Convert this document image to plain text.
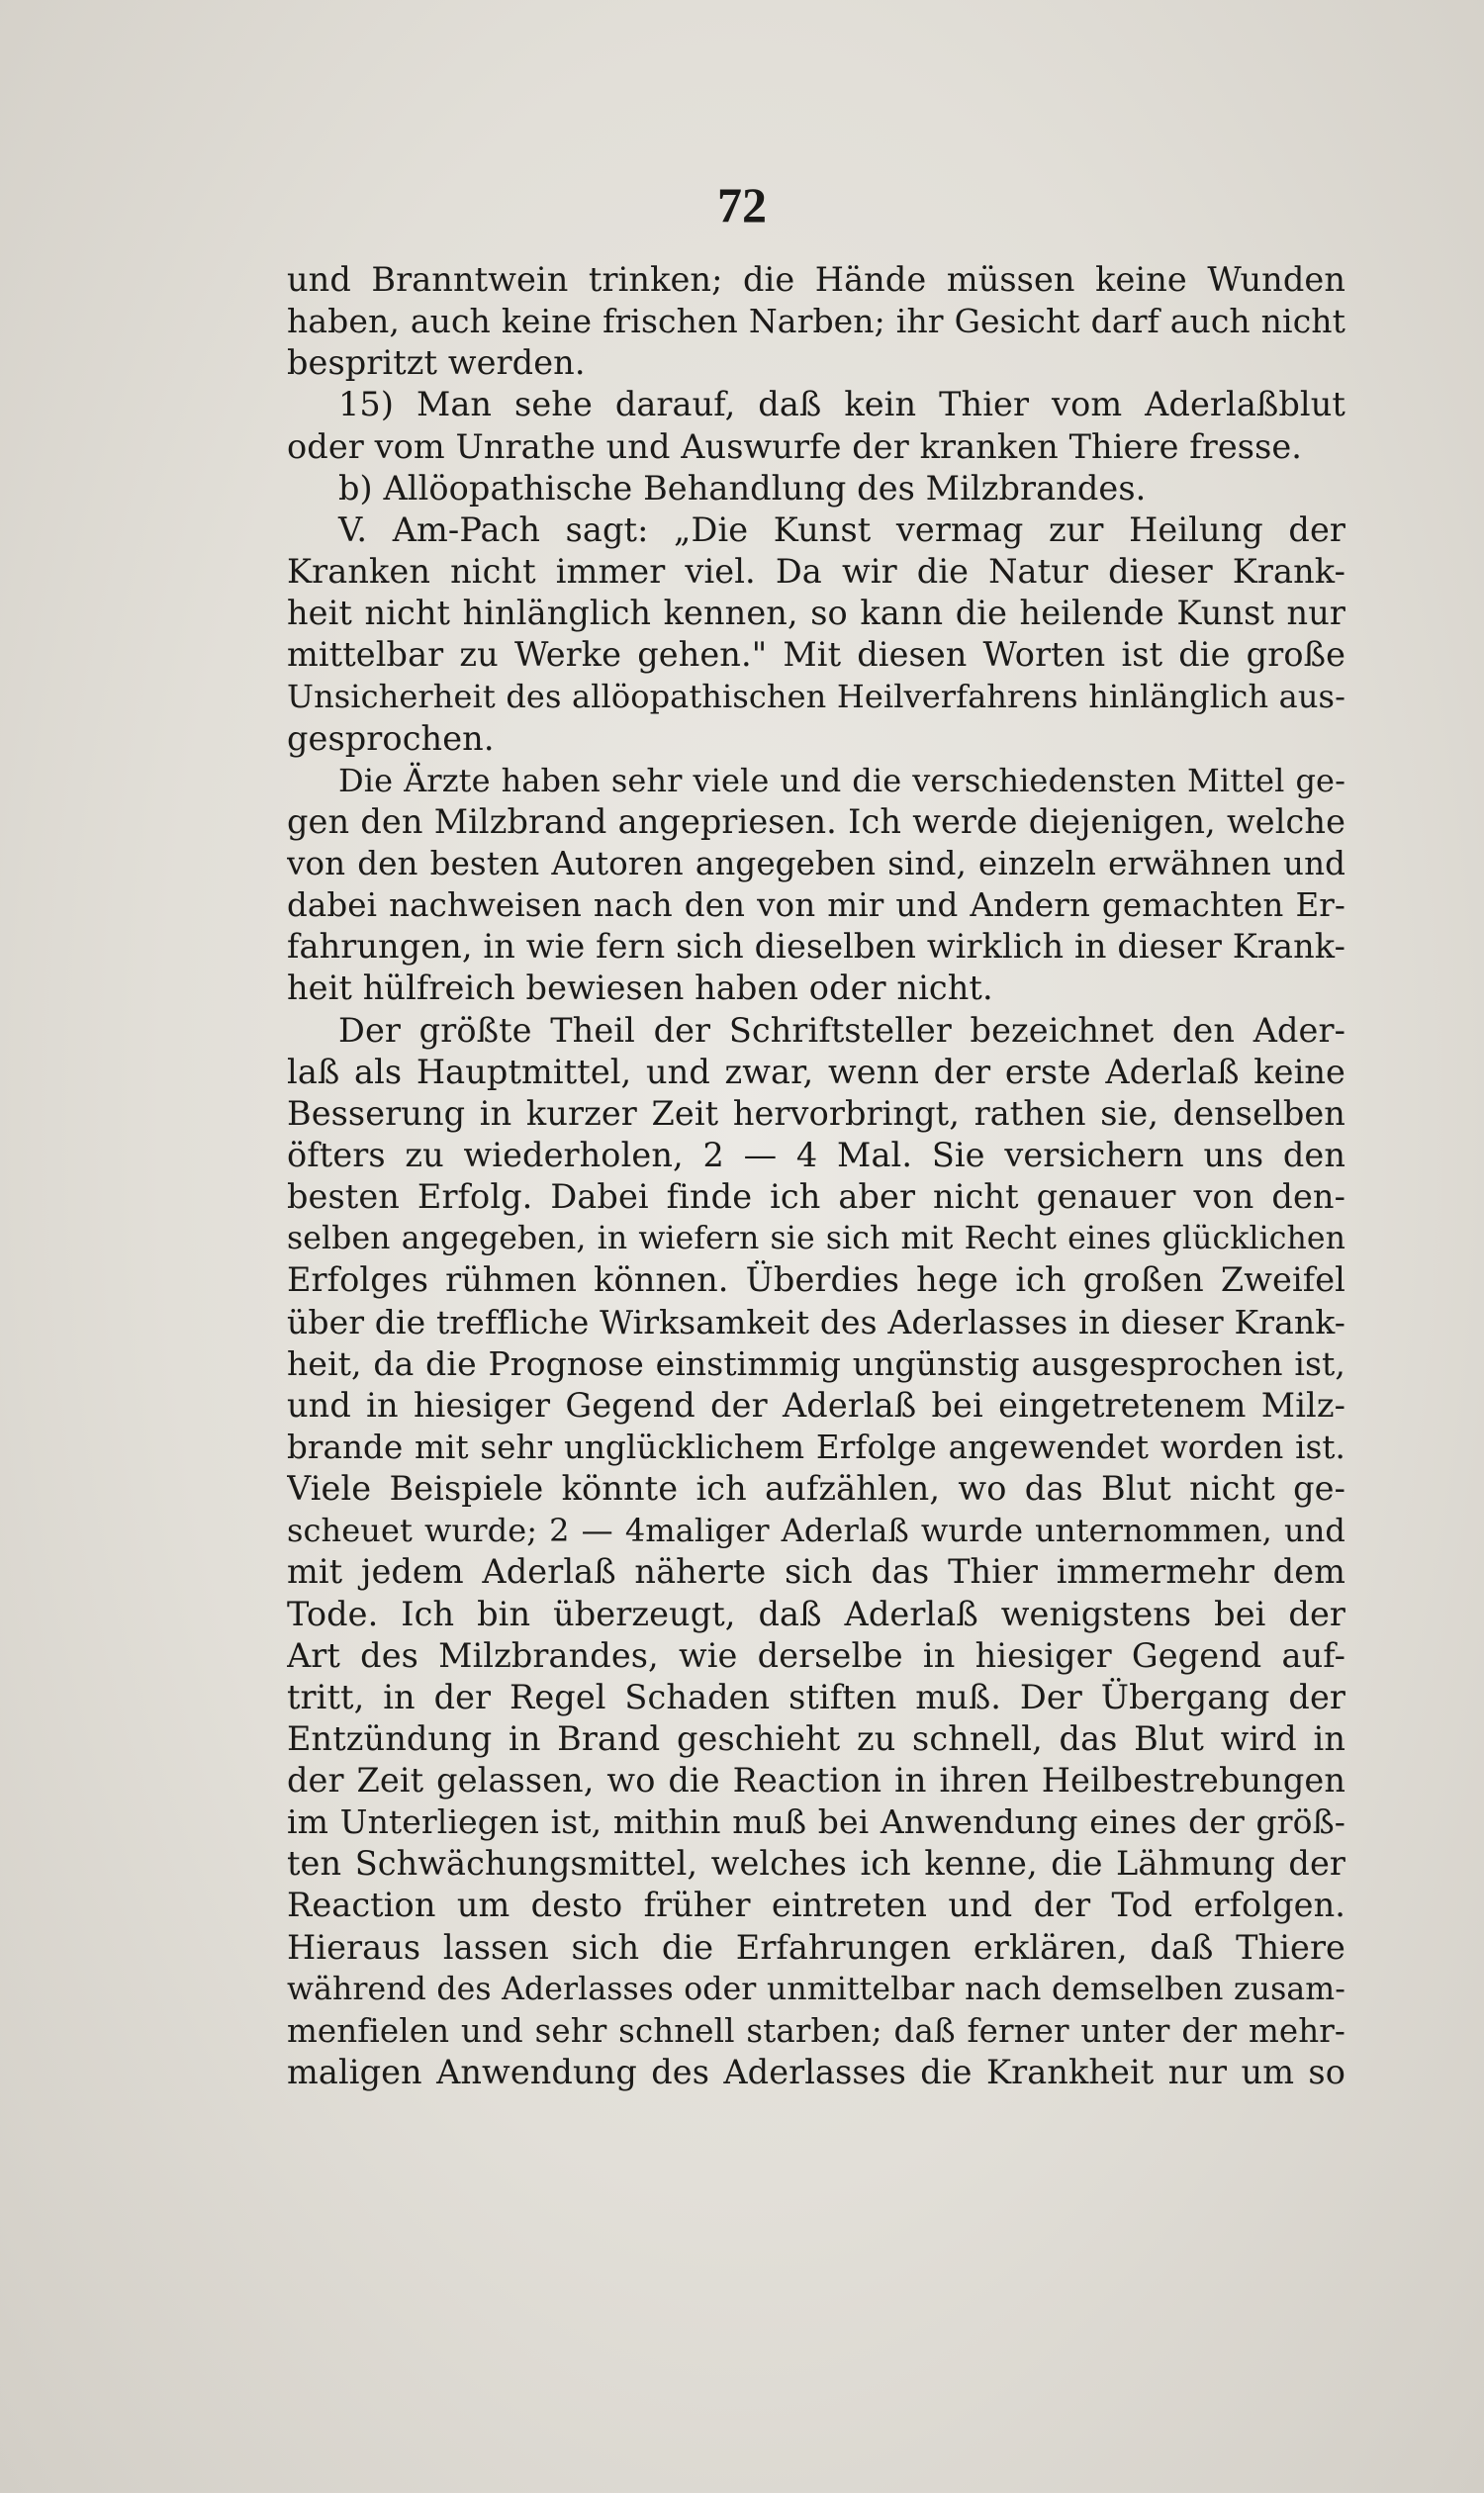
72
und Branntwein trinken; die Hände müssen keine Wunden
haben, auch keine frischen Narben; ihr Gesicht darf auch nicht
bespritzt werden.
15) Man sehe darauf, daß kein Thier vom Aderlaßblut
oder vom Unrathe und Auswurfe der kranken Thiere fresse.
b) Allöopathische Behandlung des Milzbrandes.
V. Am-Pach sagt: „Die Kunst vermag zur Heilung der
Kranken nicht immer viel. Da wir die Natur dieser Krank-
heit nicht hinlänglich kennen, so kann die heilende Kunst nur
mittelbar zu Werke gehen." Mit diesen Worten ist die große
Unsicherheit des allöopathischen Heilverfahrens hinlänglich aus-
gesprochen.
Die Ärzte haben sehr viele und die verschiedensten Mittel ge-
gen den Milzbrand angepriesen. Ich werde diejenigen, welche
von den besten Autoren angegeben sind, einzeln erwähnen und
dabei nachweisen nach den von mir und Andern gemachten Er-
fahrungen, in wie fern sich dieselben wirklich in dieser Krank-
heit hülfreich bewiesen haben oder nicht.
Der größte Theil der Schriftsteller bezeichnet den Ader-
laß als Hauptmittel, und zwar, wenn der erste Aderlaß keine
Besserung in kurzer Zeit hervorbringt, rathen sie, denselben
öfters zu wiederholen, 2 — 4 Mal. Sie versichern uns den
besten Erfolg. Dabei finde ich aber nicht genauer von den-
selben angegeben, in wiefern sie sich mit Recht eines glücklichen
Erfolges rühmen können. Überdies hege ich großen Zweifel
über die treffliche Wirksamkeit des Aderlasses in dieser Krank-
heit, da die Prognose einstimmig ungünstig ausgesprochen ist,
und in hiesiger Gegend der Aderlaß bei eingetretenem Milz-
brande mit sehr unglücklichem Erfolge angewendet worden ist.
Viele Beispiele könnte ich aufzählen, wo das Blut nicht ge-
scheuet wurde; 2 — 4maliger Aderlaß wurde unternommen, und
mit jedem Aderlaß näherte sich das Thier immermehr dem
Tode. Ich bin überzeugt, daß Aderlaß wenigstens bei der
Art des Milzbrandes, wie derselbe in hiesiger Gegend auf-
tritt, in der Regel Schaden stiften muß. Der Übergang der
Entzündung in Brand geschieht zu schnell, das Blut wird in
der Zeit gelassen, wo die Reaction in ihren Heilbestrebungen
im Unterliegen ist, mithin muß bei Anwendung eines der größ-
ten Schwächungsmittel, welches ich kenne, die Lähmung der
Reaction um desto früher eintreten und der Tod erfolgen.
Hieraus lassen sich die Erfahrungen erklären, daß Thiere
während des Aderlasses oder unmittelbar nach demselben zusam-
menfielen und sehr schnell starben; daß ferner unter der mehr-
maligen Anwendung des Aderlasses die Krankheit nur um so
